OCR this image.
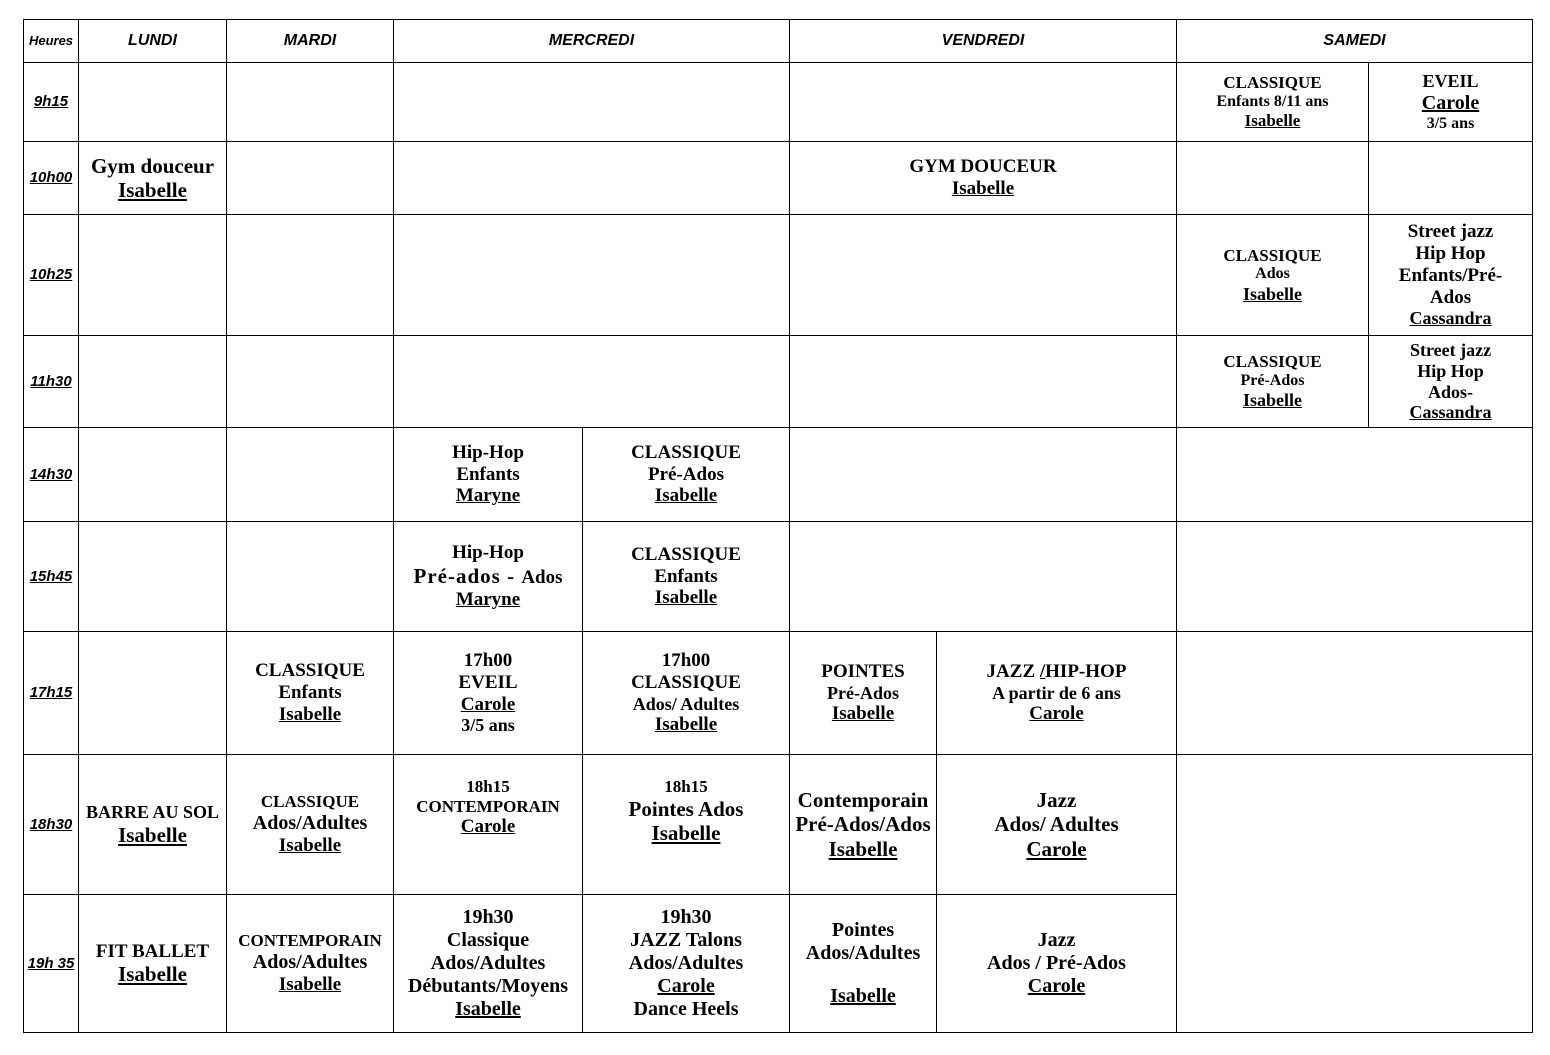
Heures	LUNDI	MARDI	MERCREDI		VENDREDI		SAMEDI	
9h15							CLASSIQUE
Enfants 8/11 ans
Isabelle	EVEIL
Carole
3/5 ans

10h00	Gym douceur
Isabelle				GYM DOUCEUR
Isabelle			

10h25							CLASSIQUE
Ados
Isabelle	Street jazz
Hip Hop
Enfants/Pré-
Ados
Cassandra

11h30							CLASSIQUE
Pré-Ados
Isabelle	Street jazz
Hip Hop
Ados-
Cassandra

14h30			Hip-Hop
Enfants
Maryne	CLASSIQUE
Pré-Ados
Isabelle				

15h45			Hip-Hop
Pré-ados - Ados
Maryne	CLASSIQUE
Enfants
Isabelle				

17h15		CLASSIQUE
Enfants
Isabelle	17h00
EVEIL
Carole
3/5 ans	17h00
CLASSIQUE
Ados/ Adultes
Isabelle	POINTES
Pré-Ados
Isabelle	JAZZ /HIP-HOP
A partir de 6 ans
Carole		

18h30	BARRE AU SOL
Isabelle	CLASSIQUE
Ados/Adultes
Isabelle	18h15
CONTEMPORAIN
Carole	18h15
Pointes Ados
Isabelle	Contemporain
Pré-Ados/Ados
Isabelle	Jazz
Ados/ Adultes
Carole		

19h 35	FIT BALLET
Isabelle	CONTEMPORAIN
Ados/Adultes
Isabelle	19h30
Classique
Ados/Adultes
Débutants/Moyens
Isabelle	19h30
JAZZ Talons
Ados/Adultes
Carole
Dance Heels	Pointes
Ados/Adultes
Isabelle	Jazz
Ados / Pré-Ados
Carole		
